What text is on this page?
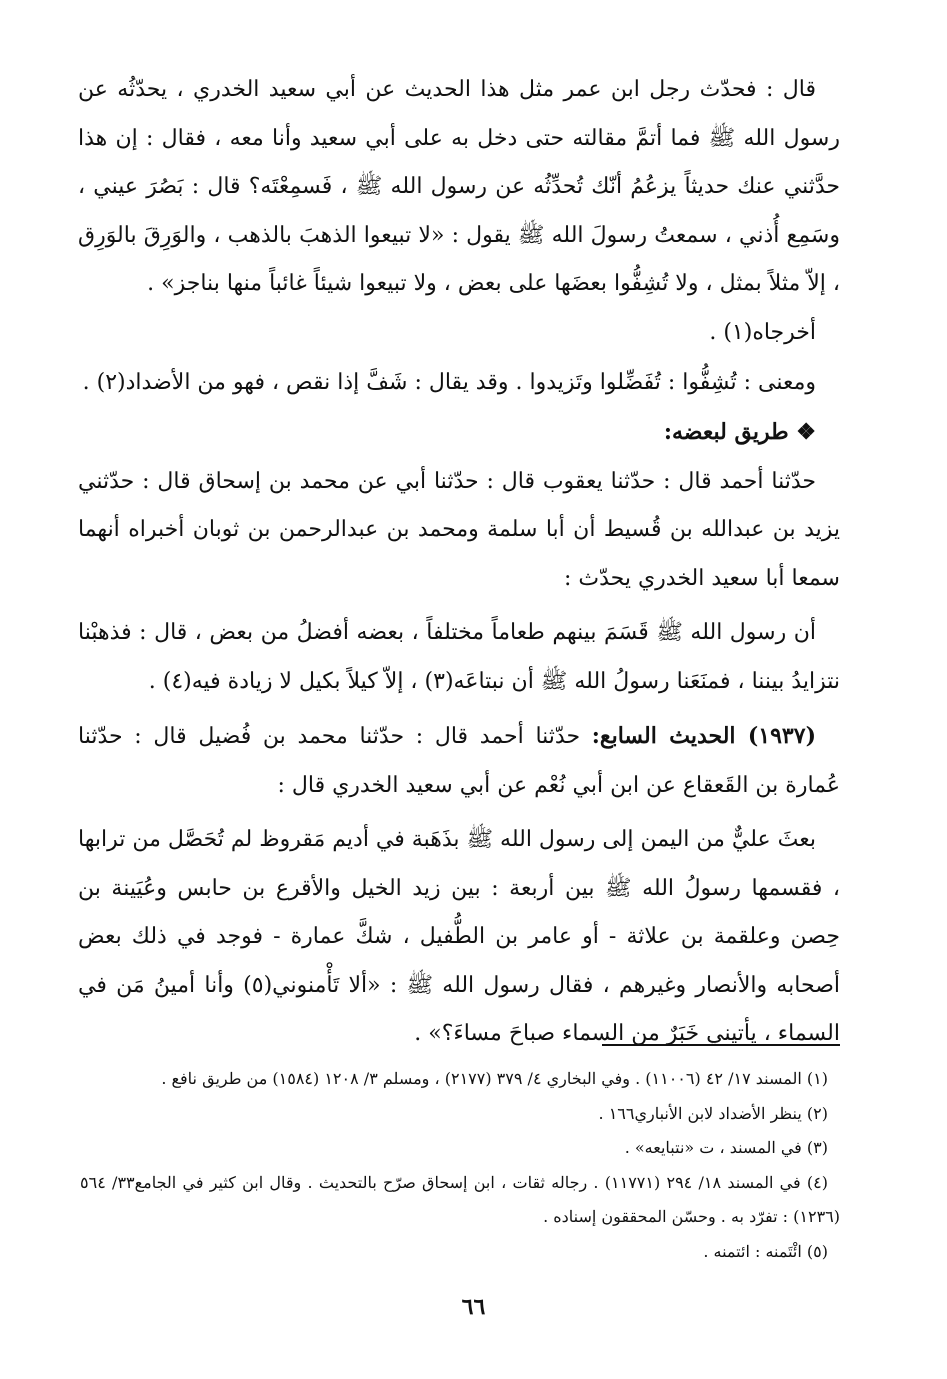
قال : فحدّث رجل ابن عمر مثل هذا الحديث عن أبي سعيد الخدري ، يحدّثُه عن رسول الله ﷺ فما أتمَّ مقالته حتى دخل به على أبي سعيد وأنا معه ، فقال : إن هذا حدَّثني عنك حديثاً يزعُمُ أنّك تُحدِّثُه عن رسول الله ﷺ ، فَسمِعْتَه؟ قال : بَصُرَ عيني ، وسَمِع أُذني ، سمعتُ رسولَ الله ﷺ يقول : «لا تبيعوا الذهبَ بالذهب ، والوَرِقَ بالوَرِق ، إلاّ مثلاً بمثل ، ولا تُشِفُّوا بعضَها على بعض ، ولا تبيعوا شيئاً غائباً منها بناجز» .

أخرجاه(١) .

ومعنى : تُشِفُّوا : تُفَضِّلوا وتَزيدوا . وقد يقال : شَفَّ إذا نقص ، فهو من الأضداد(٢) .

❖ طريق لبعضه:

حدّثنا أحمد قال : حدّثنا يعقوب قال : حدّثنا أبي عن محمد بن إسحاق قال : حدّثني يزيد بن عبدالله بن قُسيط أن أبا سلمة ومحمد بن عبدالرحمن بن ثوبان أخبراه أنهما سمعا أبا سعيد الخدري يحدّث :

أن رسول الله ﷺ قَسَمَ بينهم طعاماً مختلفاً ، بعضه أفضلُ من بعض ، قال : فذهبْنا نتزايدُ بيننا ، فمنَعَنا رسولُ الله ﷺ أن نبتاعَه(٣) ، إلاّ كيلاً بكيل لا زيادة فيه(٤) .

(١٩٣٧) الحديث السابع: حدّثنا أحمد قال : حدّثنا محمد بن فُضيل قال : حدّثنا عُمارة بن القَعقاع عن ابن أبي نُعْم عن أبي سعيد الخدري قال :

بعثَ عليٌّ من اليمن إلى رسول الله ﷺ بذَهَبة في أديم مَقروظ لم تُحَصَّل من ترابها ، فقسمها رسولُ الله ﷺ بين أربعة : بين زيد الخيل والأقرع بن حابس وعُيَينة بن حِصن وعلقمة بن علاثة - أو عامر بن الطُّفيل ، شكَّ عمارة - فوجد في ذلك بعض أصحابه والأنصار وغيرهم ، فقال رسول الله ﷺ : «ألا تَأْمنوني(٥) وأنا أمينُ مَن في السماء ، يأتيني خَبَرٌ من السماء صباحَ مساءَ؟» .

(١) المسند ١٧/ ٤٢ (١١٠٠٦) . وفي البخاري ٤/ ٣٧٩ (٢١٧٧) ، ومسلم ٣/ ١٢٠٨ (١٥٨٤) من طريق نافع .

(٢) ينظر الأضداد لابن الأنباري١٦٦ .

(٣) في المسند ، ت «نتبايعه» .

(٤) في المسند ١٨/ ٢٩٤ (١١٧٧١) . رجاله ثقات ، ابن إسحاق صرّح بالتحديث . وقال ابن كثير في الجامع٣٣/ ٥٦٤ (١٢٣٦) : تفرّد به . وحسّن المحققون إسناده .

(٥) ائْتَمنه : ائتمنه .

٦٦
